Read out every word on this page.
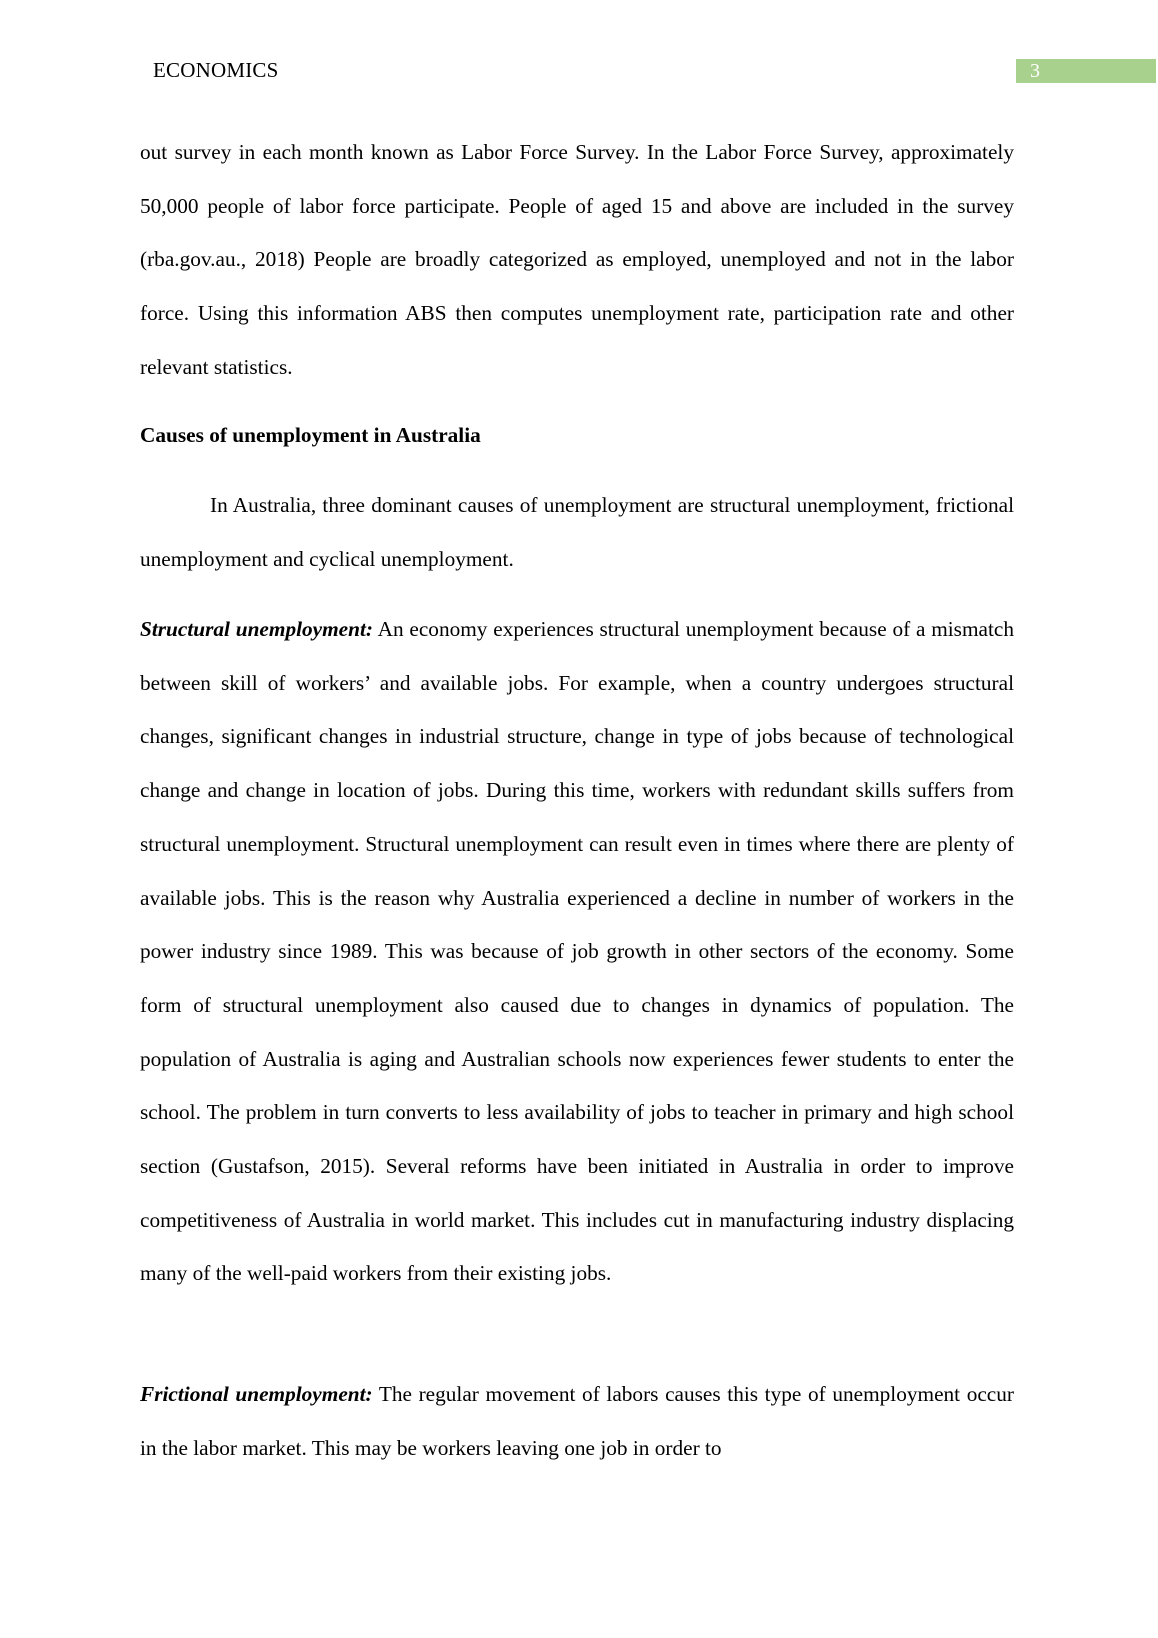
ECONOMICS	3

out survey in each month known as Labor Force Survey. In the Labor Force Survey, approximately 50,000 people of labor force participate. People of aged 15 and above are included in the survey (rba.gov.au., 2018) People are broadly categorized as employed, unemployed and not in the labor force. Using this information ABS then computes unemployment rate, participation rate and other relevant statistics.

Causes of unemployment in Australia

In Australia, three dominant causes of unemployment are structural unemployment, frictional unemployment and cyclical unemployment.

Structural unemployment: An economy experiences structural unemployment because of a mismatch between skill of workers’ and available jobs. For example, when a country undergoes structural changes, significant changes in industrial structure, change in type of jobs because of technological change and change in location of jobs. During this time, workers with redundant skills suffers from structural unemployment. Structural unemployment can result even in times where there are plenty of available jobs. This is the reason why Australia experienced a decline in number of workers in the power industry since 1989. This was because of job growth in other sectors of the economy. Some form of structural unemployment also caused due to changes in dynamics of population. The population of Australia is aging and Australian schools now experiences fewer students to enter the school. The problem in turn converts to less availability of jobs to teacher in primary and high school section (Gustafson, 2015). Several reforms have been initiated in Australia in order to improve competitiveness of Australia in world market. This includes cut in manufacturing industry displacing many of the well-paid workers from their existing jobs.

Frictional unemployment: The regular movement of labors causes this type of unemployment occur in the labor market. This may be workers leaving one job in order to
